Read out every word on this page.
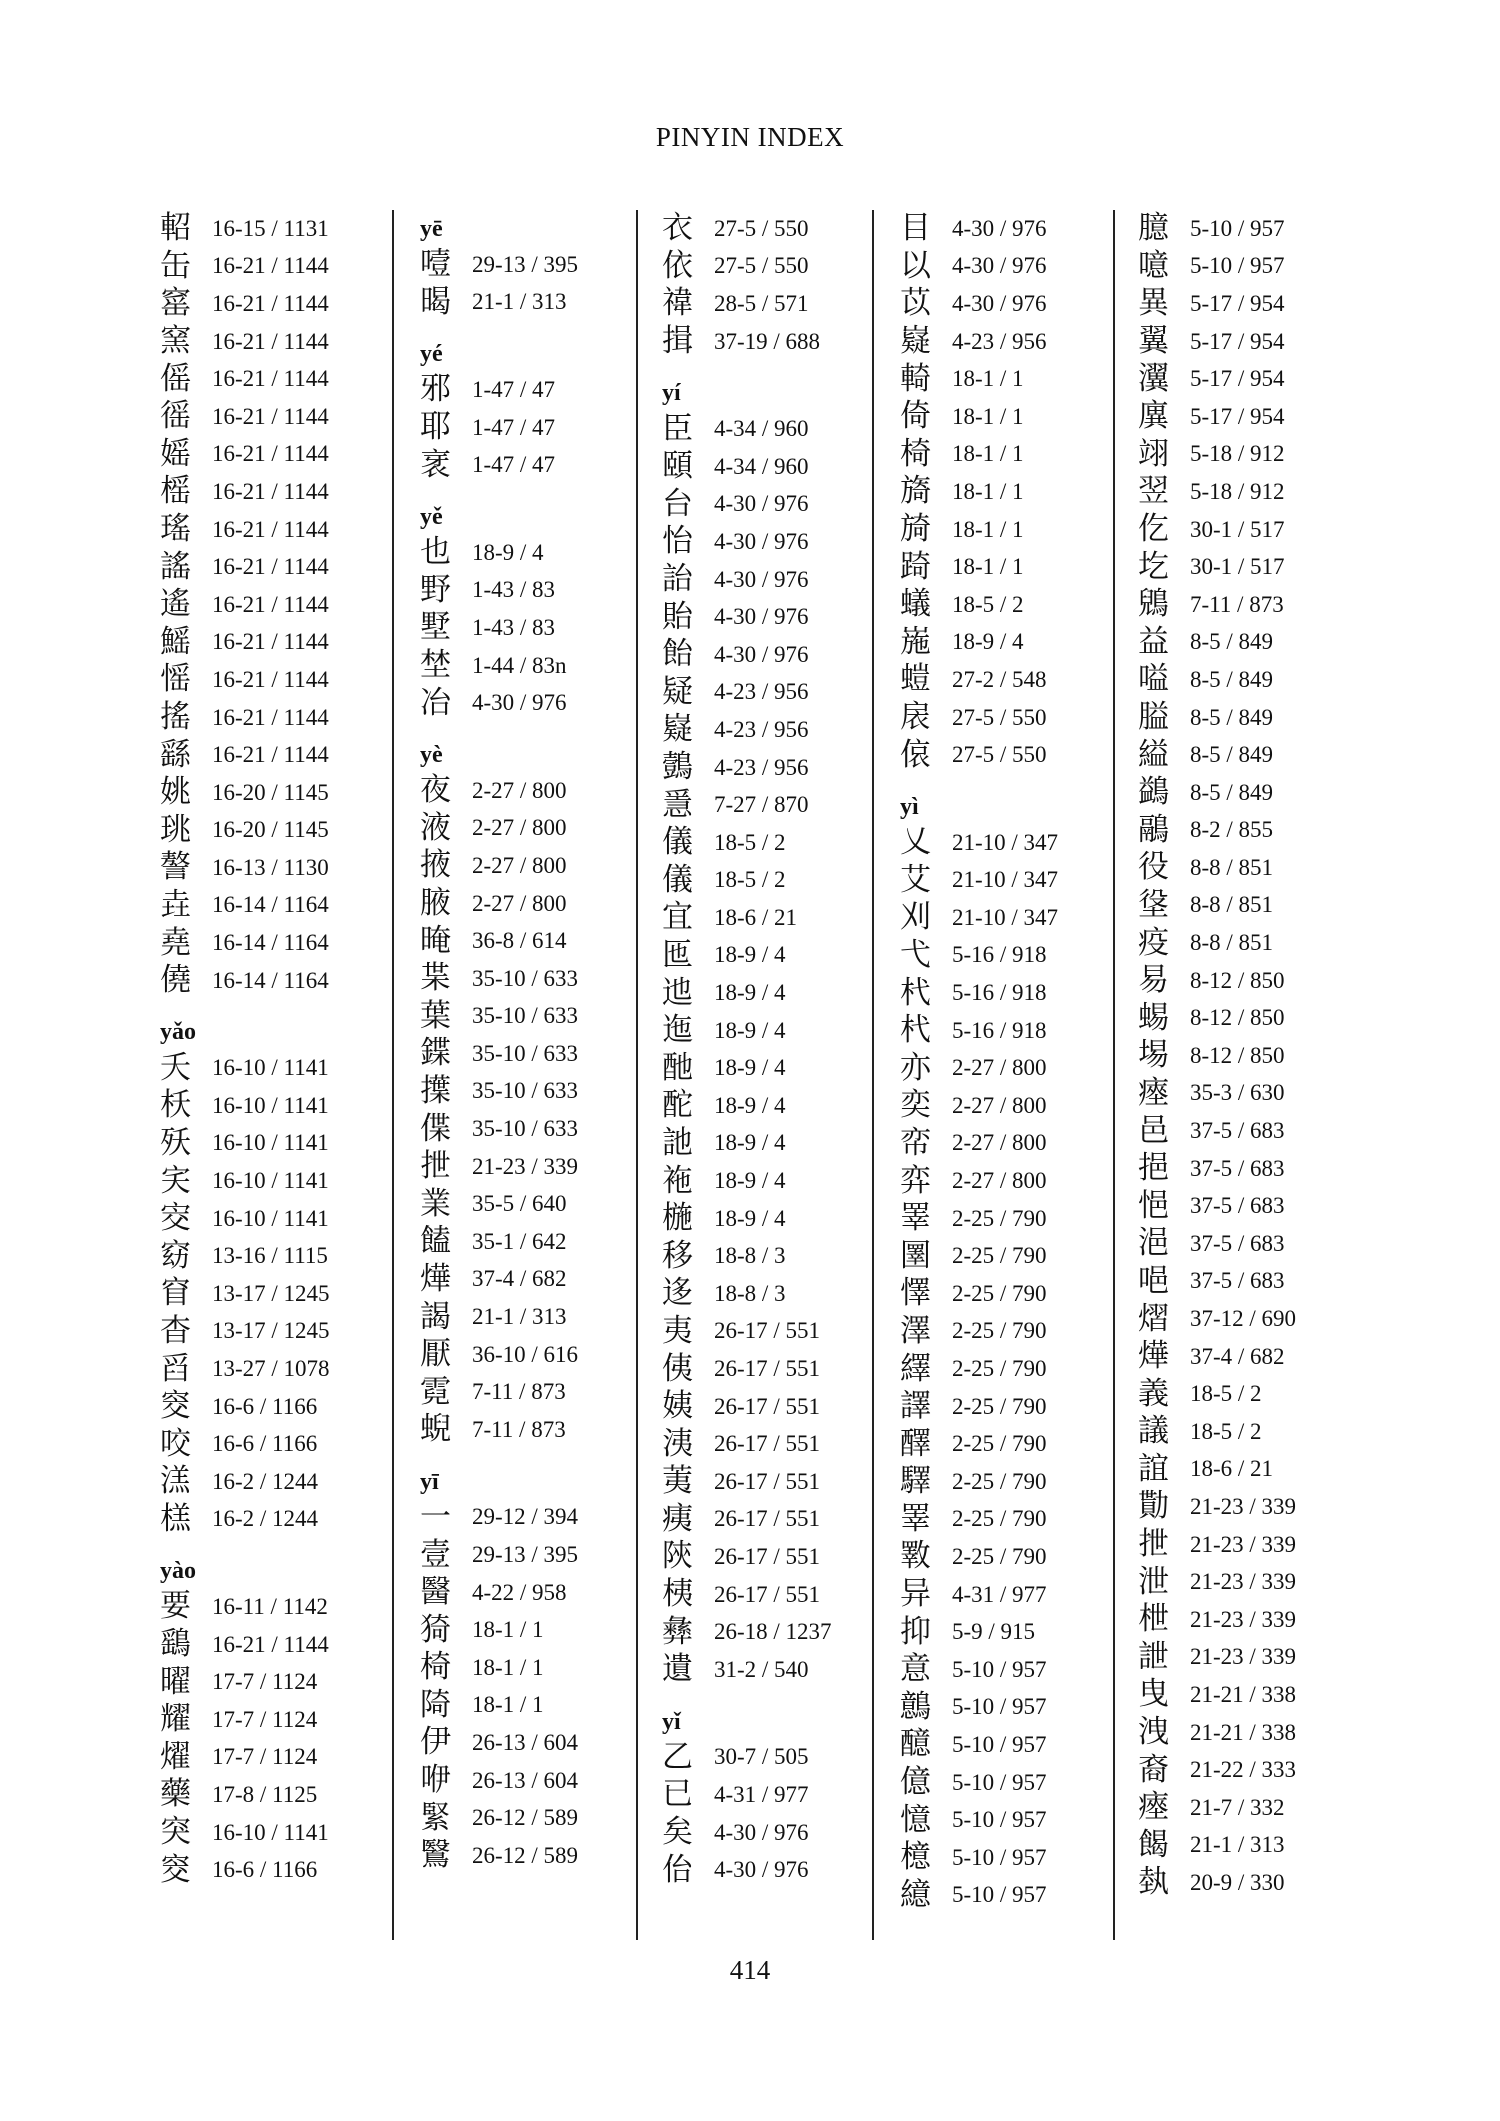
PINYIN INDEX
軺 16-15 / 1131
缶 16-21 / 1144
窰 16-21 / 1144
窯 16-21 / 1144
傜 16-21 / 1144
徭 16-21 / 1144
媱 16-21 / 1144
榣 16-21 / 1144
瑤 16-21 / 1144
謠 16-21 / 1144
遙 16-21 / 1144
鰩 16-21 / 1144
愮 16-21 / 1144
搖 16-21 / 1144
繇 16-21 / 1144
姚 16-20 / 1145
珧 16-20 / 1145
謷 16-13 / 1130
垚 16-14 / 1164
堯 16-14 / 1164
僥 16-14 / 1164
yǎo
夭 16-10 / 1141
枖 16-10 / 1141
殀 16-10 / 1141
宎 16-10 / 1141
㝔 16-10 / 1141
窈 13-16 / 1115
窅 13-17 / 1245
杳 13-17 / 1245
舀 13-27 / 1078
窔 16-6 / 1166
咬 16-6 / 1166
溔 16-2 / 1244
榚 16-2 / 1244
yào
要 16-11 / 1142
鷂 16-21 / 1144
曜 17-7 / 1124
耀 17-7 / 1124
燿 17-7 / 1124
藥 17-8 / 1125
突 16-10 / 1141
窔 16-6 / 1166
yē
噎 29-13 / 395
暍 21-1 / 313
yé
邪 1-47 / 47
耶 1-47 / 47
衺 1-47 / 47
yě
也 18-9 / 4
野 1-43 / 83
墅 1-43 / 83
埜 1-44 / 83n
冶 4-30 / 976
yè
夜 2-27 / 800
液 2-27 / 800
掖 2-27 / 800
腋 2-27 / 800
晻 36-8 / 614
枼 35-10 / 633
葉 35-10 / 633
鍱 35-10 / 633
擛 35-10 / 633
偞 35-10 / 633
抴 21-23 / 339
業 35-5 / 640
饁 35-1 / 642
燁 37-4 / 682
謁 21-1 / 313
厭 36-10 / 616
霓 7-11 / 873
蜺 7-11 / 873
yī
一 29-12 / 394
壹 29-13 / 395
醫 4-22 / 958
猗 18-1 / 1
椅 18-1 / 1
陭 18-1 / 1
伊 26-13 / 604
咿 26-13 / 604
緊 26-12 / 589
鷖 26-12 / 589
衣 27-5 / 550
依 27-5 / 550
禕 28-5 / 571
揖 37-19 / 688
yí
臣 4-34 / 960
頤 4-34 / 960
台 4-30 / 976
怡 4-30 / 976
詒 4-30 / 976
貽 4-30 / 976
飴 4-30 / 976
疑 4-23 / 956
嶷 4-23 / 956
鷧 4-23 / 956
㥯 7-27 / 870
儀 18-5 / 2
儀 18-5 / 2
宜 18-6 / 21
匜 18-9 / 4
迆 18-9 / 4
迤 18-9 / 4
酏 18-9 / 4
酡 18-9 / 4
訑 18-9 / 4
袘 18-9 / 4
椸 18-9 / 4
移 18-8 / 3
迻 18-8 / 3
夷 26-17 / 551
侇 26-17 / 551
姨 26-17 / 551
洟 26-17 / 551
荑 26-17 / 551
痍 26-17 / 551
陝 26-17 / 551
桋 26-17 / 551
彝 26-18 / 1237
遺 31-2 / 540
yǐ
乙 30-7 / 505
已 4-31 / 977
矣 4-30 / 976
佁 4-30 / 976
目 4-30 / 976
以 4-30 / 976
苡 4-30 / 976
嶷 4-23 / 956
輢 18-1 / 1
倚 18-1 / 1
椅 18-1 / 1
旖 18-1 / 1
旑 18-1 / 1
踦 18-1 / 1
蟻 18-5 / 2
崺 18-9 / 4
螘 27-2 / 548
扆 27-5 / 550
偯 27-5 / 550
yì
乂 21-10 / 347
艾 21-10 / 347
刈 21-10 / 347
弋 5-16 / 918
杙 5-16 / 918
杙 5-16 / 918
亦 2-27 / 800
奕 2-27 / 800
帟 2-27 / 800
弈 2-27 / 800
睪 2-25 / 790
圛 2-25 / 790
懌 2-25 / 790
澤 2-25 / 790
繹 2-25 / 790
譯 2-25 / 790
醳 2-25 / 790
驛 2-25 / 790
睪 2-25 / 790
斁 2-25 / 790
异 4-31 / 977
抑 5-9 / 915
意 5-10 / 957
鷾 5-10 / 957
醷 5-10 / 957
億 5-10 / 957
憶 5-10 / 957
檍 5-10 / 957
繶 5-10 / 957
臆 5-10 / 957
噫 5-10 / 957
異 5-17 / 954
翼 5-17 / 954
瀷 5-17 / 954
廙 5-17 / 954
翊 5-18 / 912
翌 5-18 / 912
仡 30-1 / 517
圪 30-1 / 517
鶂 7-11 / 873
益 8-5 / 849
嗌 8-5 / 849
膉 8-5 / 849
縊 8-5 / 849
鷁 8-5 / 849
鷊 8-2 / 855
役 8-8 / 851
垼 8-8 / 851
疫 8-8 / 851
易 8-12 / 850
蜴 8-12 / 850
埸 8-12 / 850
瘞 35-3 / 630
邑 37-5 / 683
挹 37-5 / 683
悒 37-5 / 683
浥 37-5 / 683
唈 37-5 / 683
熠 37-12 / 690
燁 37-4 / 682
義 18-5 / 2
議 18-5 / 2
誼 18-6 / 21
勩 21-23 / 339
抴 21-23 / 339
泄 21-23 / 339
枻 21-23 / 339
詍 21-23 / 339
曳 21-21 / 338
洩 21-21 / 338
裔 21-22 / 333
瘞 21-7 / 332
餲 21-1 / 313
埶 20-9 / 330
414
